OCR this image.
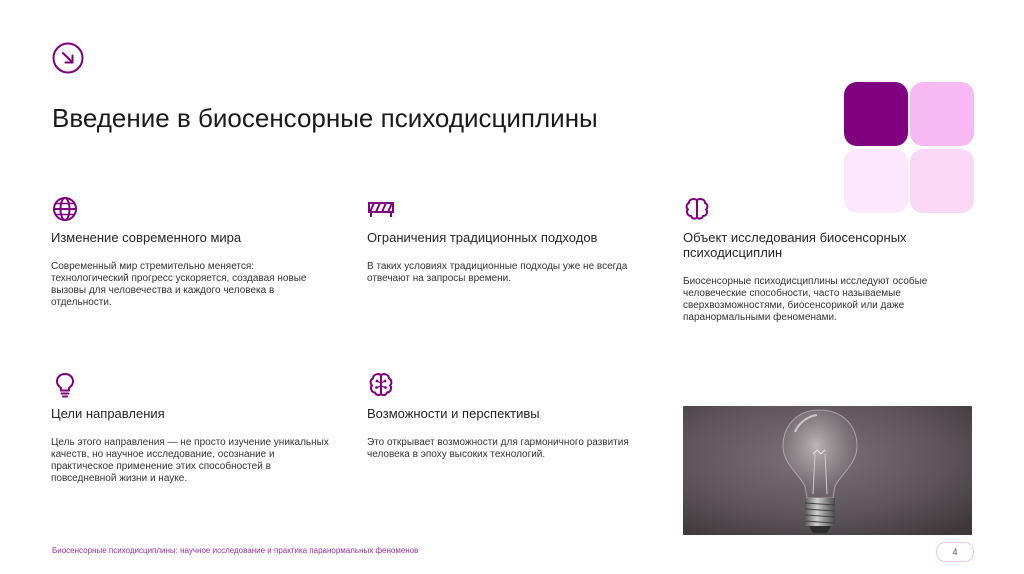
Введение в биосенсорные психодисциплины
Изменение современного мира
Современный мир стремительно меняется: технологический прогресс ускоряется, создавая новые вызовы для человечества и каждого человека в отдельности.
Ограничения традиционных подходов
В таких условиях традиционные подходы уже не всегда отвечают на запросы времени.
Объект исследования биосенсорных психодисциплин
Биосенсорные психодисциплины исследуют особые человеческие способности, часто называемые сверхвозможностями, биосенсорикой или даже паранормальными феноменами.
Цели направления
Цель этого направления — не просто изучение уникальных качеств, но научное исследование, осознание и практическое применение этих способностей в повседневной жизни и науке.
Возможности и перспективы
Это открывает возможности для гармоничного развития человека в эпоху высоких технологий.
Биосенсорные психодисциплины: научное исследование и практика паранормальных феноменов	4
